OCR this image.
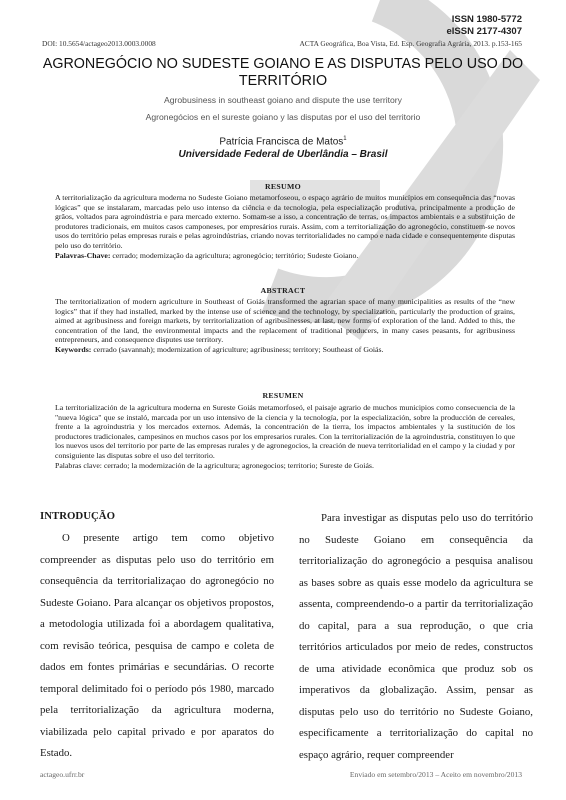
ISSN 1980-5772
eISSN 2177-4307
DOI: 10.5654/actageo2013.0003.0008	ACTA Geográfica, Boa Vista, Ed. Esp. Geografia Agrária, 2013. p.153-165
AGRONEGÓCIO NO SUDESTE GOIANO E AS DISPUTAS PELO USO DO TERRITÓRIO
Agrobusiness in southeast goiano and dispute the use territory
Agronegócios en el sureste goiano y las disputas por el uso del territorio
Patrícia Francisca de Matos$^1$
Universidade Federal de Uberlândia – Brasil
RESUMO
A territorialização da agricultura moderna no Sudeste Goiano metamorfoseou, o espaço agrário de muitos municípios em consequência das “novas lógicas” que se instalaram, marcadas pelo uso intenso da ciência e da tecnologia, pela especialização produtiva, principalmente a produção de grãos, voltados para agroindústria e para mercado externo. Somam-se a isso, a concentração de terras, os impactos ambientais e a substituição de produtores tradicionais, em muitos casos camponeses, por empresários rurais. Assim, com a territorialização do agronegócio, constituem-se novos usos do território pelas empresas rurais e pelas agroindústrias, criando novas territorialidades no campo e nada cidade e consequentemente disputas pelo uso do território.
Palavras-Chave: cerrado; modernização da agricultura; agronegócio; território; Sudeste Goiano.
ABSTRACT
The territorialization of modern agriculture in Southeast of Goiás transformed the agrarian space of many municipalities as results of the “new logics” that if they had installed, marked by the intense use of science and the technology, by specialization, particularly the production of grains, aimed at agribusiness and foreign markets, by territorialization of agribusinesses, at last, new forms of exploration of the land. Added to this, the concentration of the land, the environmental impacts and the replacement of traditional producers, in many cases peasants, for agribusiness entrepreneurs, and consequence disputes use territory.
Keywords: cerrado (savannah); modernization of agriculture; agribusiness; territory; Southeast of Goiás.
RESUMEN
La territorialización de la agricultura moderna en Sureste Goiás metamorfoseó, el paisaje agrario de muchos municipios como consecuencia de la "nueva lógica" que se instaló, marcada por un uso intensivo de la ciencia y la tecnología, por la especialización, sobre la producción de cereales, frente a la agroindustria y los mercados externos. Además, la concentración de la tierra, los impactos ambientales y la sustitución de los productores tradicionales, campesinos en muchos casos por los empresarios rurales. Con la territorialización de la agroindustria, constituyen lo que los nuevos usos del territorio por parte de las empresas rurales y de agronegocios, la creación de nueva territorialidad en el campo y la ciudad y por consiguiente las disputas sobre el uso del territorio.
Palabras clave: cerrado; la modernización de la agricultura; agronegocios; territorio; Sureste de Goiás.
INTRODUÇÃO

O presente artigo tem como objetivo compreender as disputas pelo uso do território em consequência da territorializaçao do agronegócio no Sudeste Goiano. Para alcançar os objetivos propostos, a metodologia utilizada foi a abordagem qualitativa, com revisão teórica, pesquisa de campo e coleta de dados em fontes primárias e secundárias. O recorte temporal delimitado foi o período pós 1980, marcado pela territorialização da agricultura moderna, viabilizada pelo capital privado e por aparatos do Estado.

Para investigar as disputas pelo uso do território no Sudeste Goiano em consequência da territorialização do agronegócio a pesquisa analisou as bases sobre as quais esse modelo da agricultura se assenta, compreendendo-o a partir da territorialização do capital, para a sua reprodução, o que cria territórios articulados por meio de redes, constructos de uma atividade econômica que produz sob os imperativos da globalização. Assim, pensar as disputas pelo uso do território no Sudeste Goiano, especificamente a territorialização do capital no espaço agrário, requer compreender

actageo.ufrr.br	Enviado em setembro/2013 – Aceito em novembro/2013
